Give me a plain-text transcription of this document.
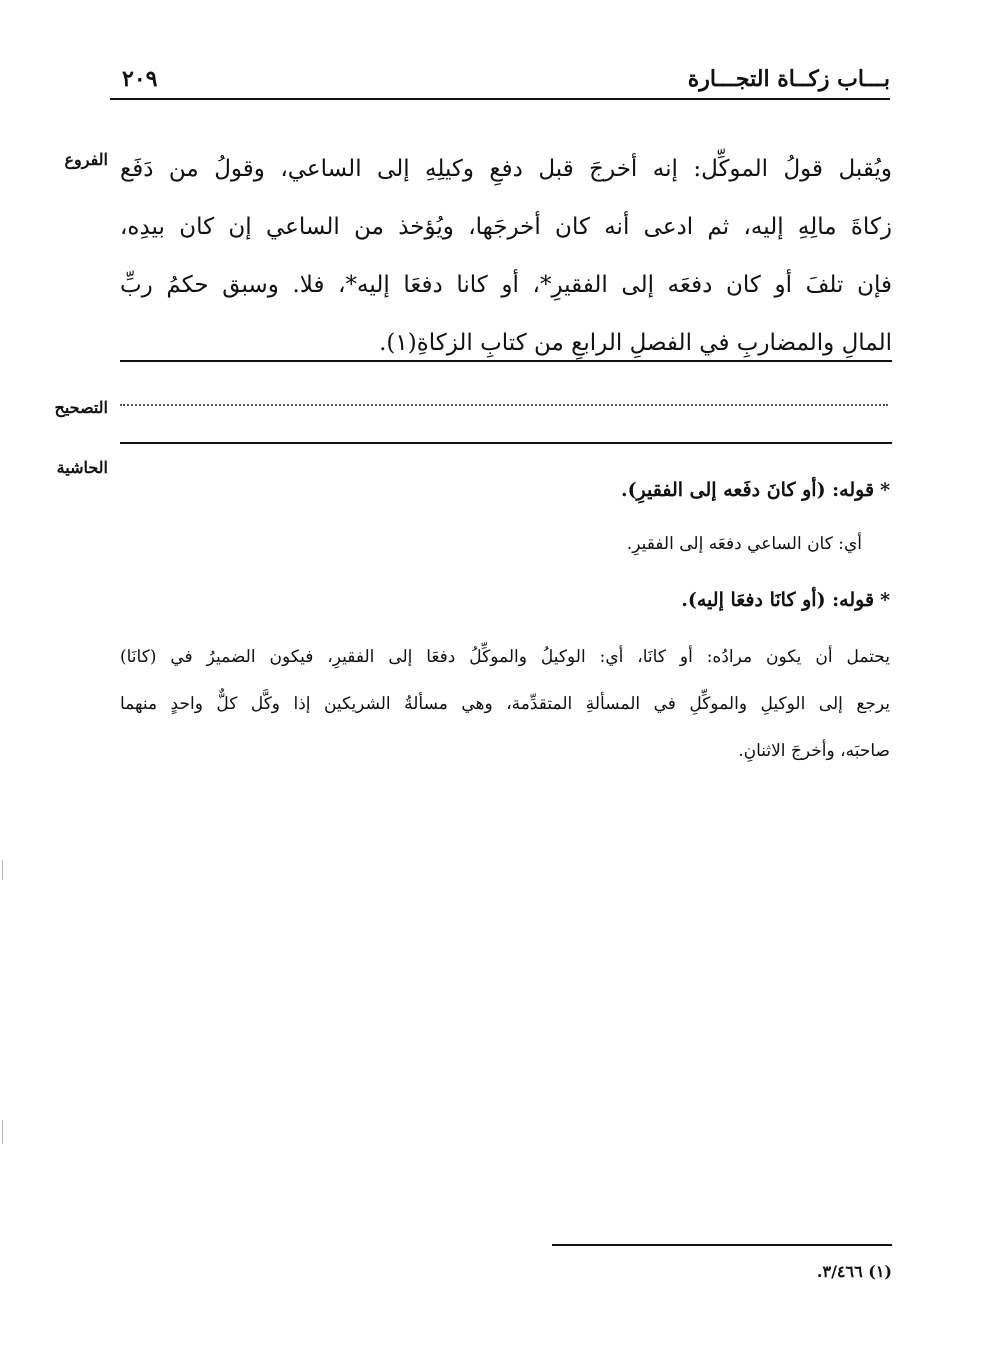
بـــاب زكــاة التجـــارة
٢٠٩
الفروع
التصحيح
الحاشية
ويُقبل قولُ الموكِّل: إنه أخرجَ قبل دفعِ وكيلِهِ إلى الساعي، وقولُ من دَفَع
زكاةَ مالِهِ إليه، ثم ادعى أنه كان أخرجَها، ويُؤخذ من الساعي إن كان بيدِه،
فإن تلفَ أو كان دفعَه إلى الفقيرِ*، أو كانا دفعَا إليه*، فلا. وسبق حكمُ ربِّ
المالِ والمضاربِ في الفصلِ الرابعِ من كتابِ الزكاةِ(١).
*قوله: (أو كانَ دفَعه إلى الفقيرِ).
أي: كان الساعي دفعَه إلى الفقيرِ.
*قوله: (أو كانَا دفعَا إليه).
يحتمل أن يكون مرادُه: أو كانَا، أي: الوكيلُ والموكِّلُ دفعَا إلى الفقيرِ، فيكون الضميرُ في (كانَا)
يرجع إلى الوكيلِ والموكِّلِ في المسألةِ المتقدِّمة، وهي مسألةُ الشريكين إذا وكَّل كلٌّ واحدٍ منهما
صاحبَه، وأخرجَ الاثنانِ.
(١) ٣/٤٦٦.
